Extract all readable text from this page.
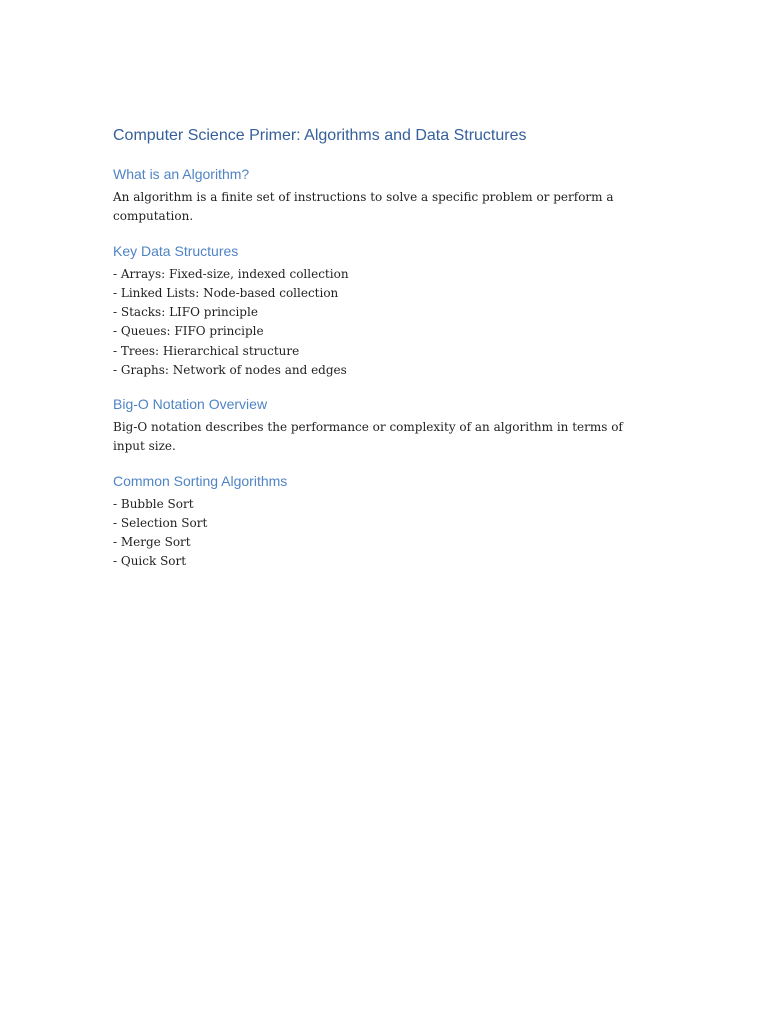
Computer Science Primer: Algorithms and Data Structures
What is an Algorithm?

An algorithm is a finite set of instructions to solve a specific problem or perform a computation.

Key Data Structures
- Arrays: Fixed-size, indexed collection
- Linked Lists: Node-based collection
- Stacks: LIFO principle
- Queues: FIFO principle
- Trees: Hierarchical structure
- Graphs: Network of nodes and edges
Big-O Notation Overview

Big-O notation describes the performance or complexity of an algorithm in terms of input size.

Common Sorting Algorithms
- Bubble Sort
- Selection Sort
- Merge Sort
- Quick Sort
